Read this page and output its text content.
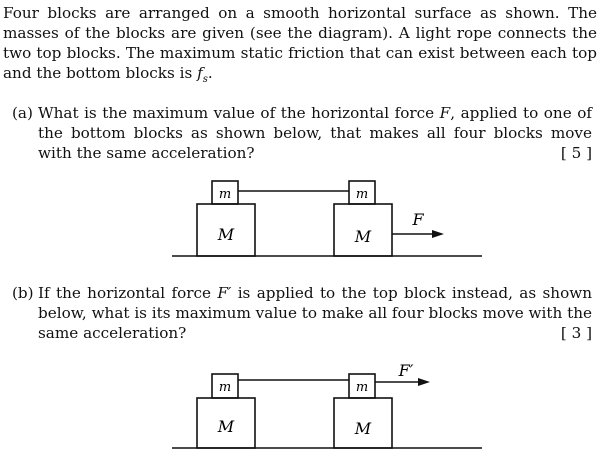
Four blocks are arranged on a smooth horizontal surface as shown. The masses of the blocks are given (see the diagram). A light rope connects the two top blocks. The maximum static friction that can exist between each top and the bottom blocks is $f_s$.

(a) What is the maximum value of the horizontal force F, applied to one of the bottom blocks as shown below, that makes all four blocks move with the same acceleration?	[ 5 ]
m	m
M	M
F
(b) If the horizontal force F′ is applied to the top block instead, as shown below, what is its maximum value to make all four blocks move with the same acceleration?	[ 3 ]
m	m
M	M
F′
